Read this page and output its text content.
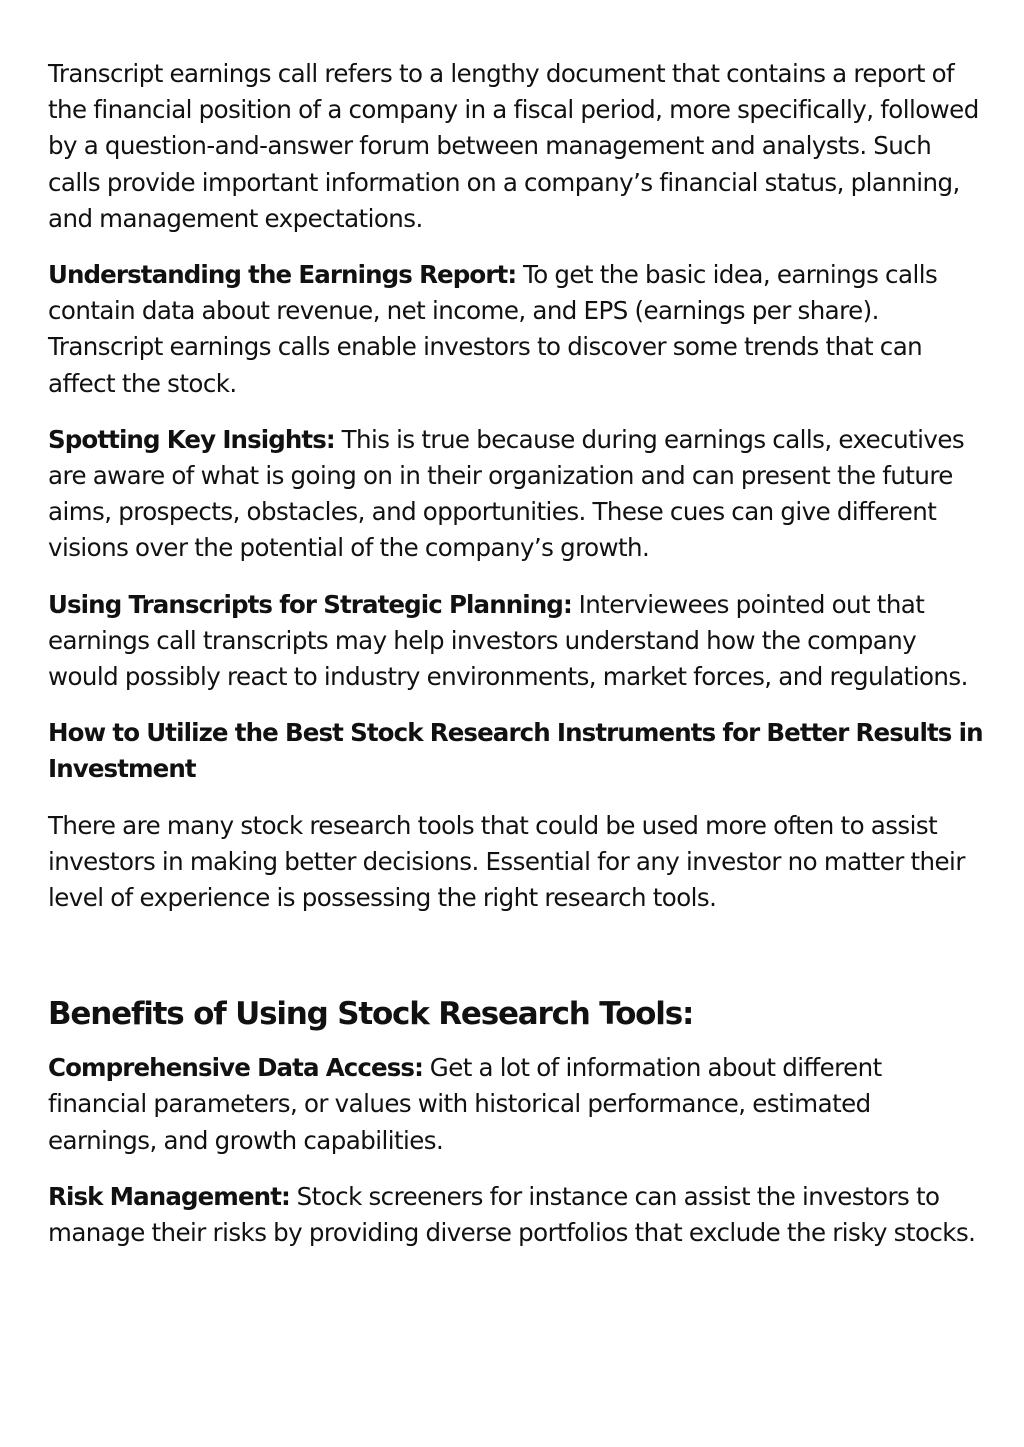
Transcript earnings call refers to a lengthy document that contains a report of the financial position of a company in a fiscal period, more specifically, followed by a question-and-answer forum between management and analysts. Such calls provide important information on a company’s financial status, planning, and management expectations.

Understanding the Earnings Report: To get the basic idea, earnings calls contain data about revenue, net income, and EPS (earnings per share). Transcript earnings calls enable investors to discover some trends that can affect the stock.

Spotting Key Insights: This is true because during earnings calls, executives are aware of what is going on in their organization and can present the future aims, prospects, obstacles, and opportunities. These cues can give different visions over the potential of the company’s growth.

Using Transcripts for Strategic Planning: Interviewees pointed out that earnings call transcripts may help investors understand how the company would possibly react to industry environments, market forces, and regulations.

How to Utilize the Best Stock Research Instruments for Better Results in Investment

There are many stock research tools that could be used more often to assist investors in making better decisions. Essential for any investor no matter their level of experience is possessing the right research tools.

Benefits of Using Stock Research Tools:

Comprehensive Data Access: Get a lot of information about different financial parameters, or values with historical performance, estimated earnings, and growth capabilities.

Risk Management: Stock screeners for instance can assist the investors to manage their risks by providing diverse portfolios that exclude the risky stocks.
